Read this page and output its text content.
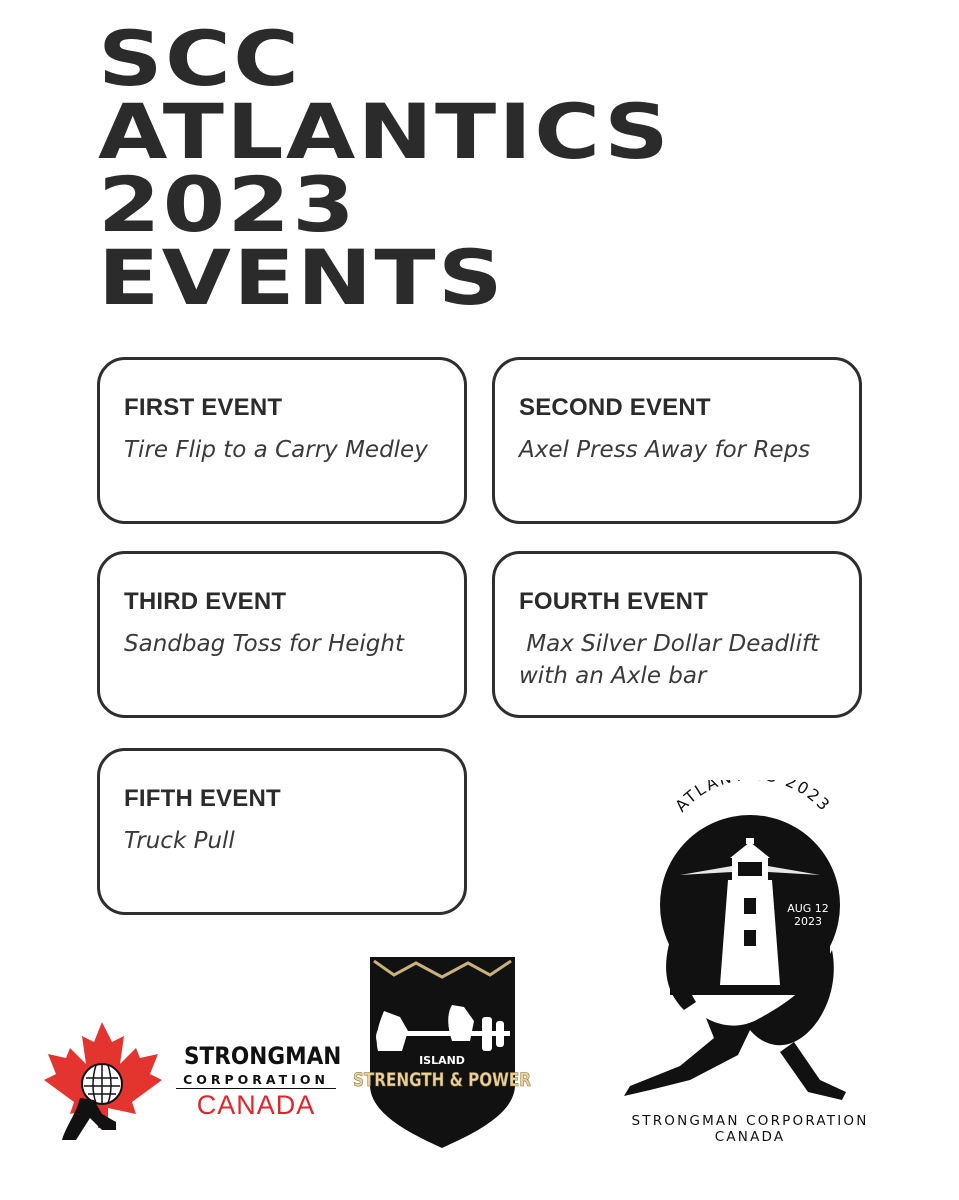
SCC
ATLANTICS
2023
EVENTS
FIRST EVENT

Tire Flip to a Carry Medley

SECOND EVENT

Axel Press Away for Reps

THIRD EVENT

Sandbag Toss for Height

FOURTH EVENT

Max Silver Dollar Deadlift with an Axle bar

FIFTH EVENT

Truck Pull

STRONGMAN
CORPORATION
CANADA
ISLAND
STRENGTH & POWER
ATLA 2023
AUG 12
2023
STRONGMAN CORPORATION
CANADA
